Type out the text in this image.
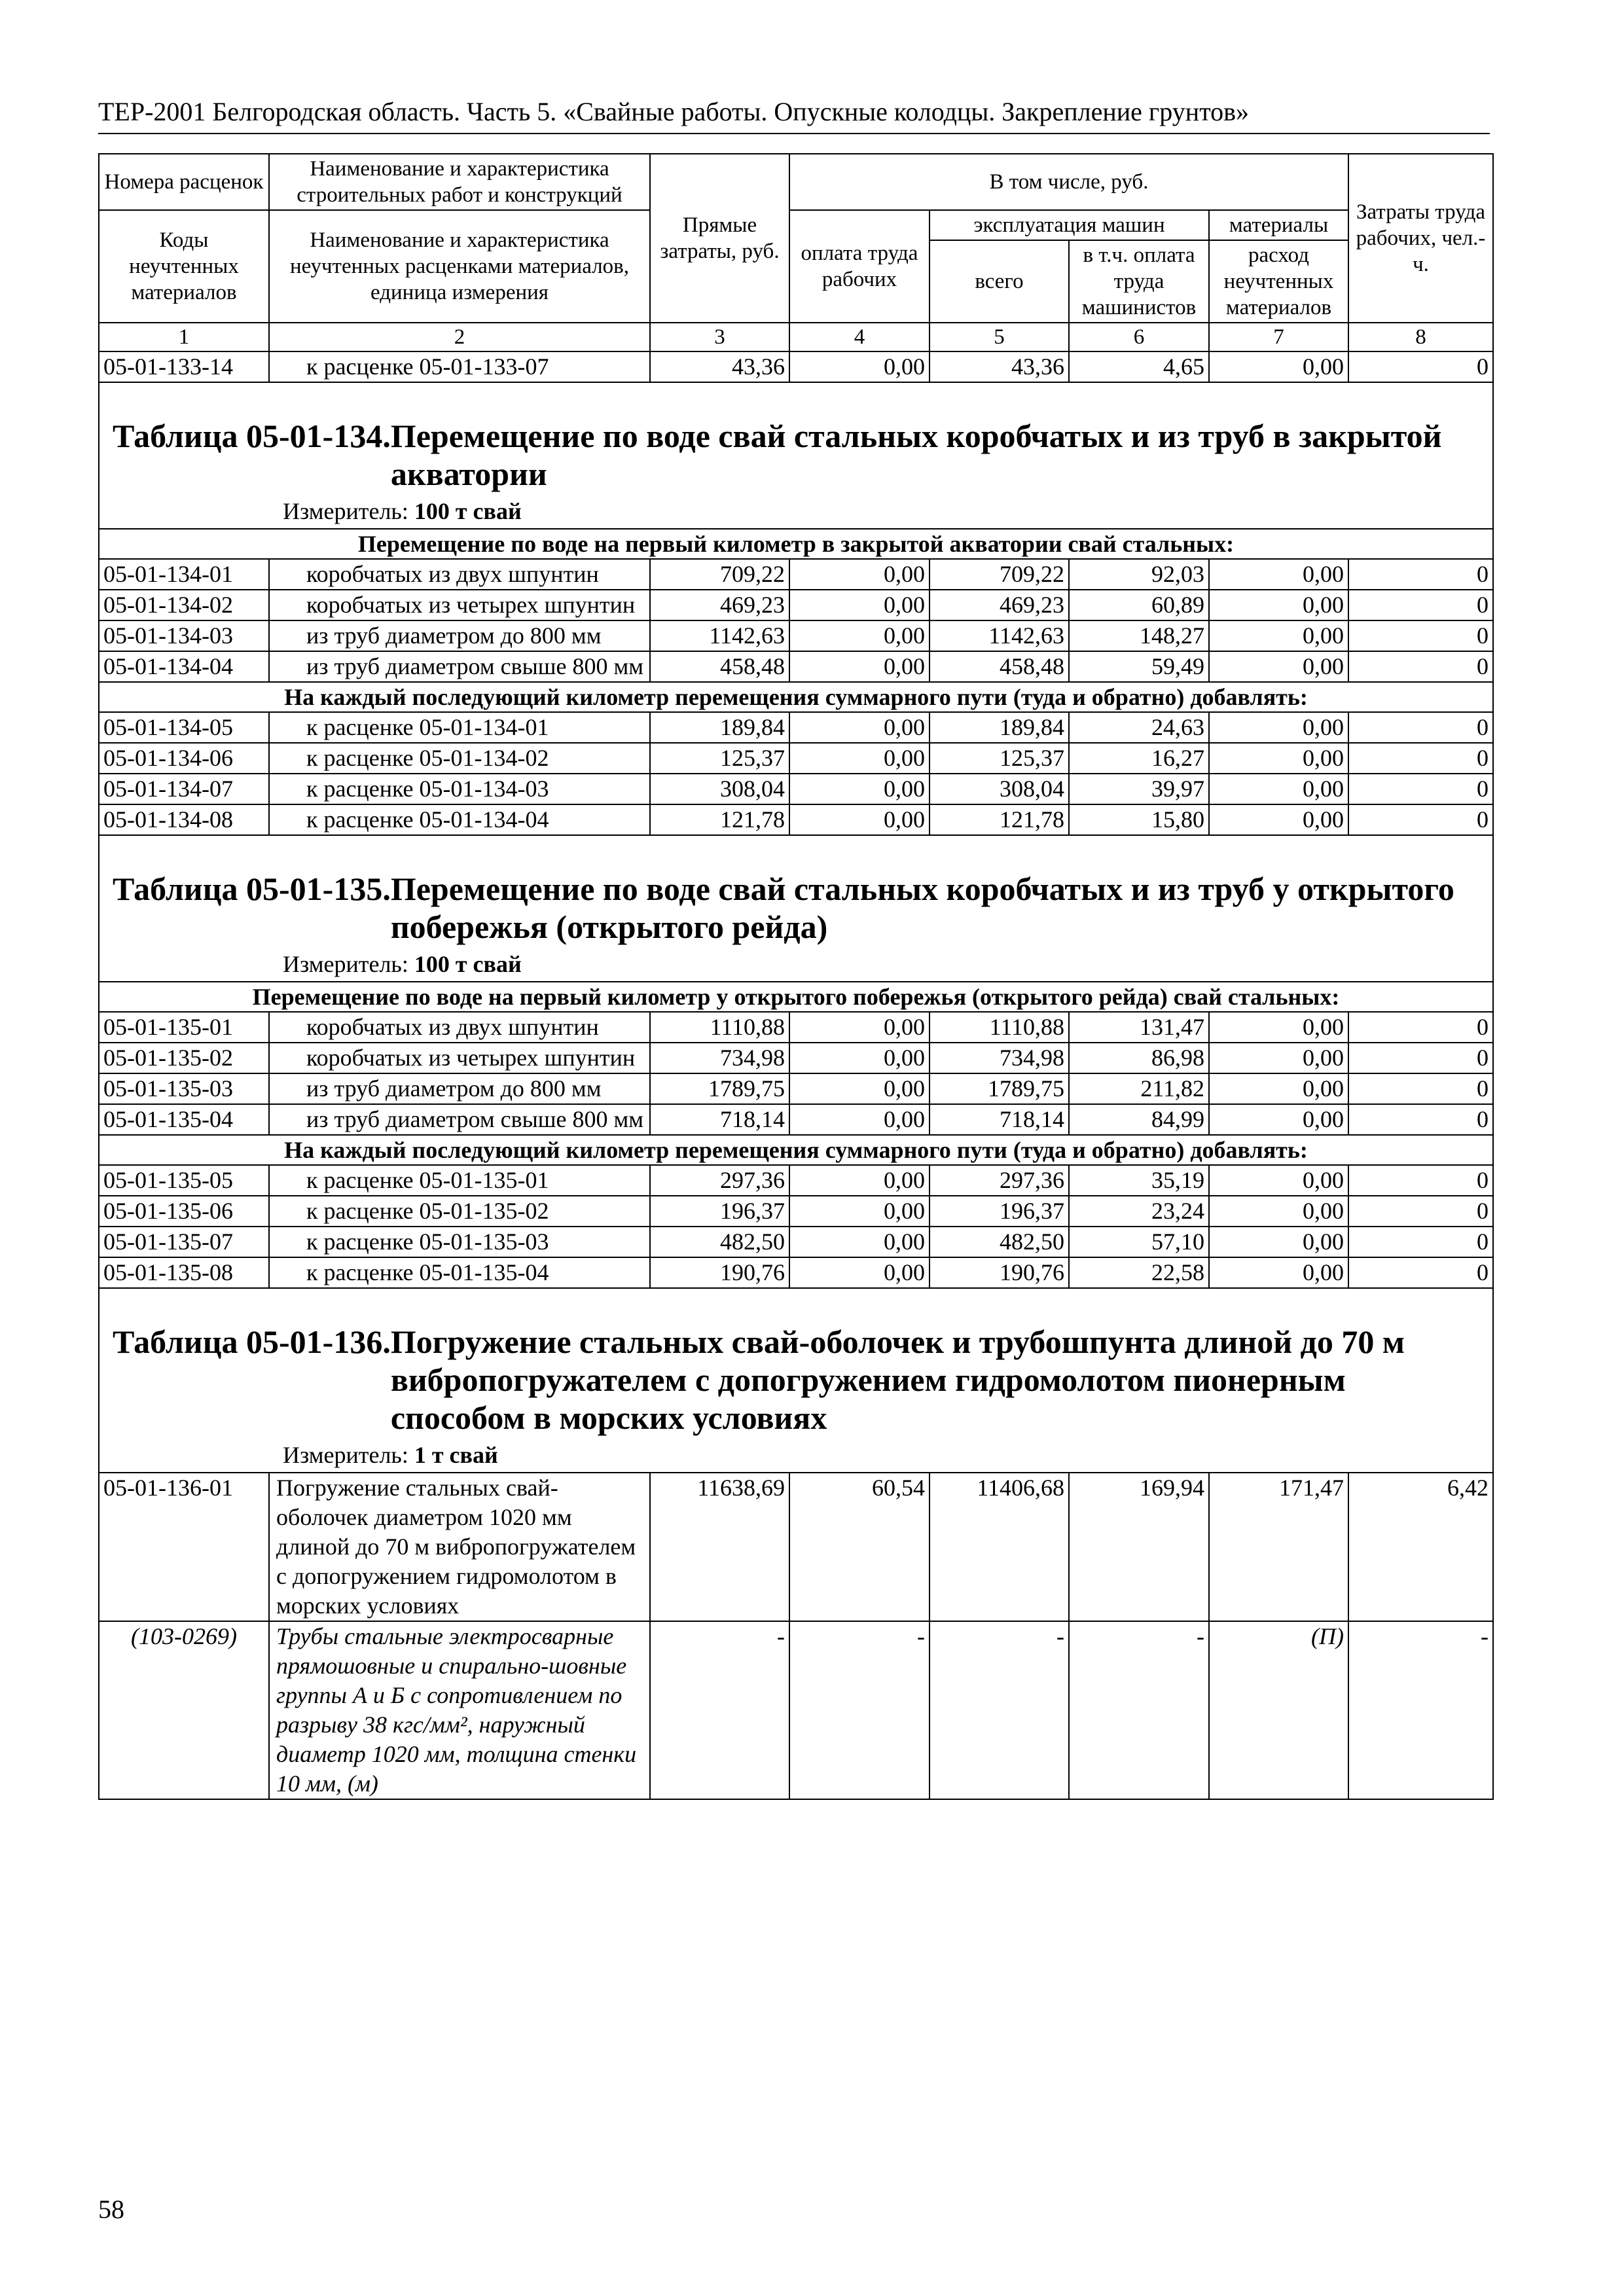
ТЕР-2001 Белгородская область. Часть 5. «Свайные работы. Опускные колодцы. Закрепление грунтов»
Номера расценок	Наименование и характеристика строительных работ и конструкций	Прямые затраты, руб.	В том числе, руб.				Затраты труда рабочих, чел.-ч.
Коды неучтенных материалов	Наименование и характеристика неучтенных расценками материалов, единица измерения		оплата труда рабочих	эксплуатация машин		материалы	
				всего	в т.ч. оплата труда машинистов	расход неучтенных материалов	
1	2	3	4	5	6	7	8
05-01-133-14	к расценке 05-01-133-07	43,36	0,00	43,36	4,65	0,00	0

Таблица 05-01-134. Перемещение по воде свай стальных коробчатых и из труб в закрытой акватории							

Измеритель: 100 т свай							
Перемещение по воде на первый километр в закрытой акватории свай стальных:							
05-01-134-01	коробчатых из двух шпунтин	709,22	0,00	709,22	92,03	0,00	0
05-01-134-02	коробчатых из четырех шпунтин	469,23	0,00	469,23	60,89	0,00	0
05-01-134-03	из труб диаметром до 800 мм	1142,63	0,00	1142,63	148,27	0,00	0
05-01-134-04	из труб диаметром свыше 800 мм	458,48	0,00	458,48	59,49	0,00	0
На каждый последующий километр перемещения суммарного пути (туда и обратно) добавлять:							
05-01-134-05	к расценке 05-01-134-01	189,84	0,00	189,84	24,63	0,00	0
05-01-134-06	к расценке 05-01-134-02	125,37	0,00	125,37	16,27	0,00	0
05-01-134-07	к расценке 05-01-134-03	308,04	0,00	308,04	39,97	0,00	0
05-01-134-08	к расценке 05-01-134-04	121,78	0,00	121,78	15,80	0,00	0

Таблица 05-01-135. Перемещение по воде свай стальных коробчатых и из труб у открытого побережья (открытого рейда)							

Измеритель: 100 т свай							
Перемещение по воде на первый километр у открытого побережья (открытого рейда) свай стальных:							
05-01-135-01	коробчатых из двух шпунтин	1110,88	0,00	1110,88	131,47	0,00	0
05-01-135-02	коробчатых из четырех шпунтин	734,98	0,00	734,98	86,98	0,00	0
05-01-135-03	из труб диаметром до 800 мм	1789,75	0,00	1789,75	211,82	0,00	0
05-01-135-04	из труб диаметром свыше 800 мм	718,14	0,00	718,14	84,99	0,00	0
На каждый последующий километр перемещения суммарного пути (туда и обратно) добавлять:							
05-01-135-05	к расценке 05-01-135-01	297,36	0,00	297,36	35,19	0,00	0
05-01-135-06	к расценке 05-01-135-02	196,37	0,00	196,37	23,24	0,00	0
05-01-135-07	к расценке 05-01-135-03	482,50	0,00	482,50	57,10	0,00	0
05-01-135-08	к расценке 05-01-135-04	190,76	0,00	190,76	22,58	0,00	0

Таблица 05-01-136. Погружение стальных свай-оболочек и трубошпунта длиной до 70 м вибропогружателем с допогружением гидромолотом пионерным способом в морских условиях							

Измеритель: 1 т свай							
05-01-136-01	Погружение стальных свай-оболочек диаметром 1020 мм длиной до 70 м вибропогружателем с допогружением гидромолотом в морских условиях	11638,69	60,54	11406,68	169,94	171,47	6,42
(103-0269)	Трубы стальные электросварные прямошовные и спирально-шовные группы А и Б с сопротивлением по разрыву 38 кгс/мм², наружный диаметр 1020 мм, толщина стенки 10 мм, (м)	-	-	-	-	(П)	-
58
